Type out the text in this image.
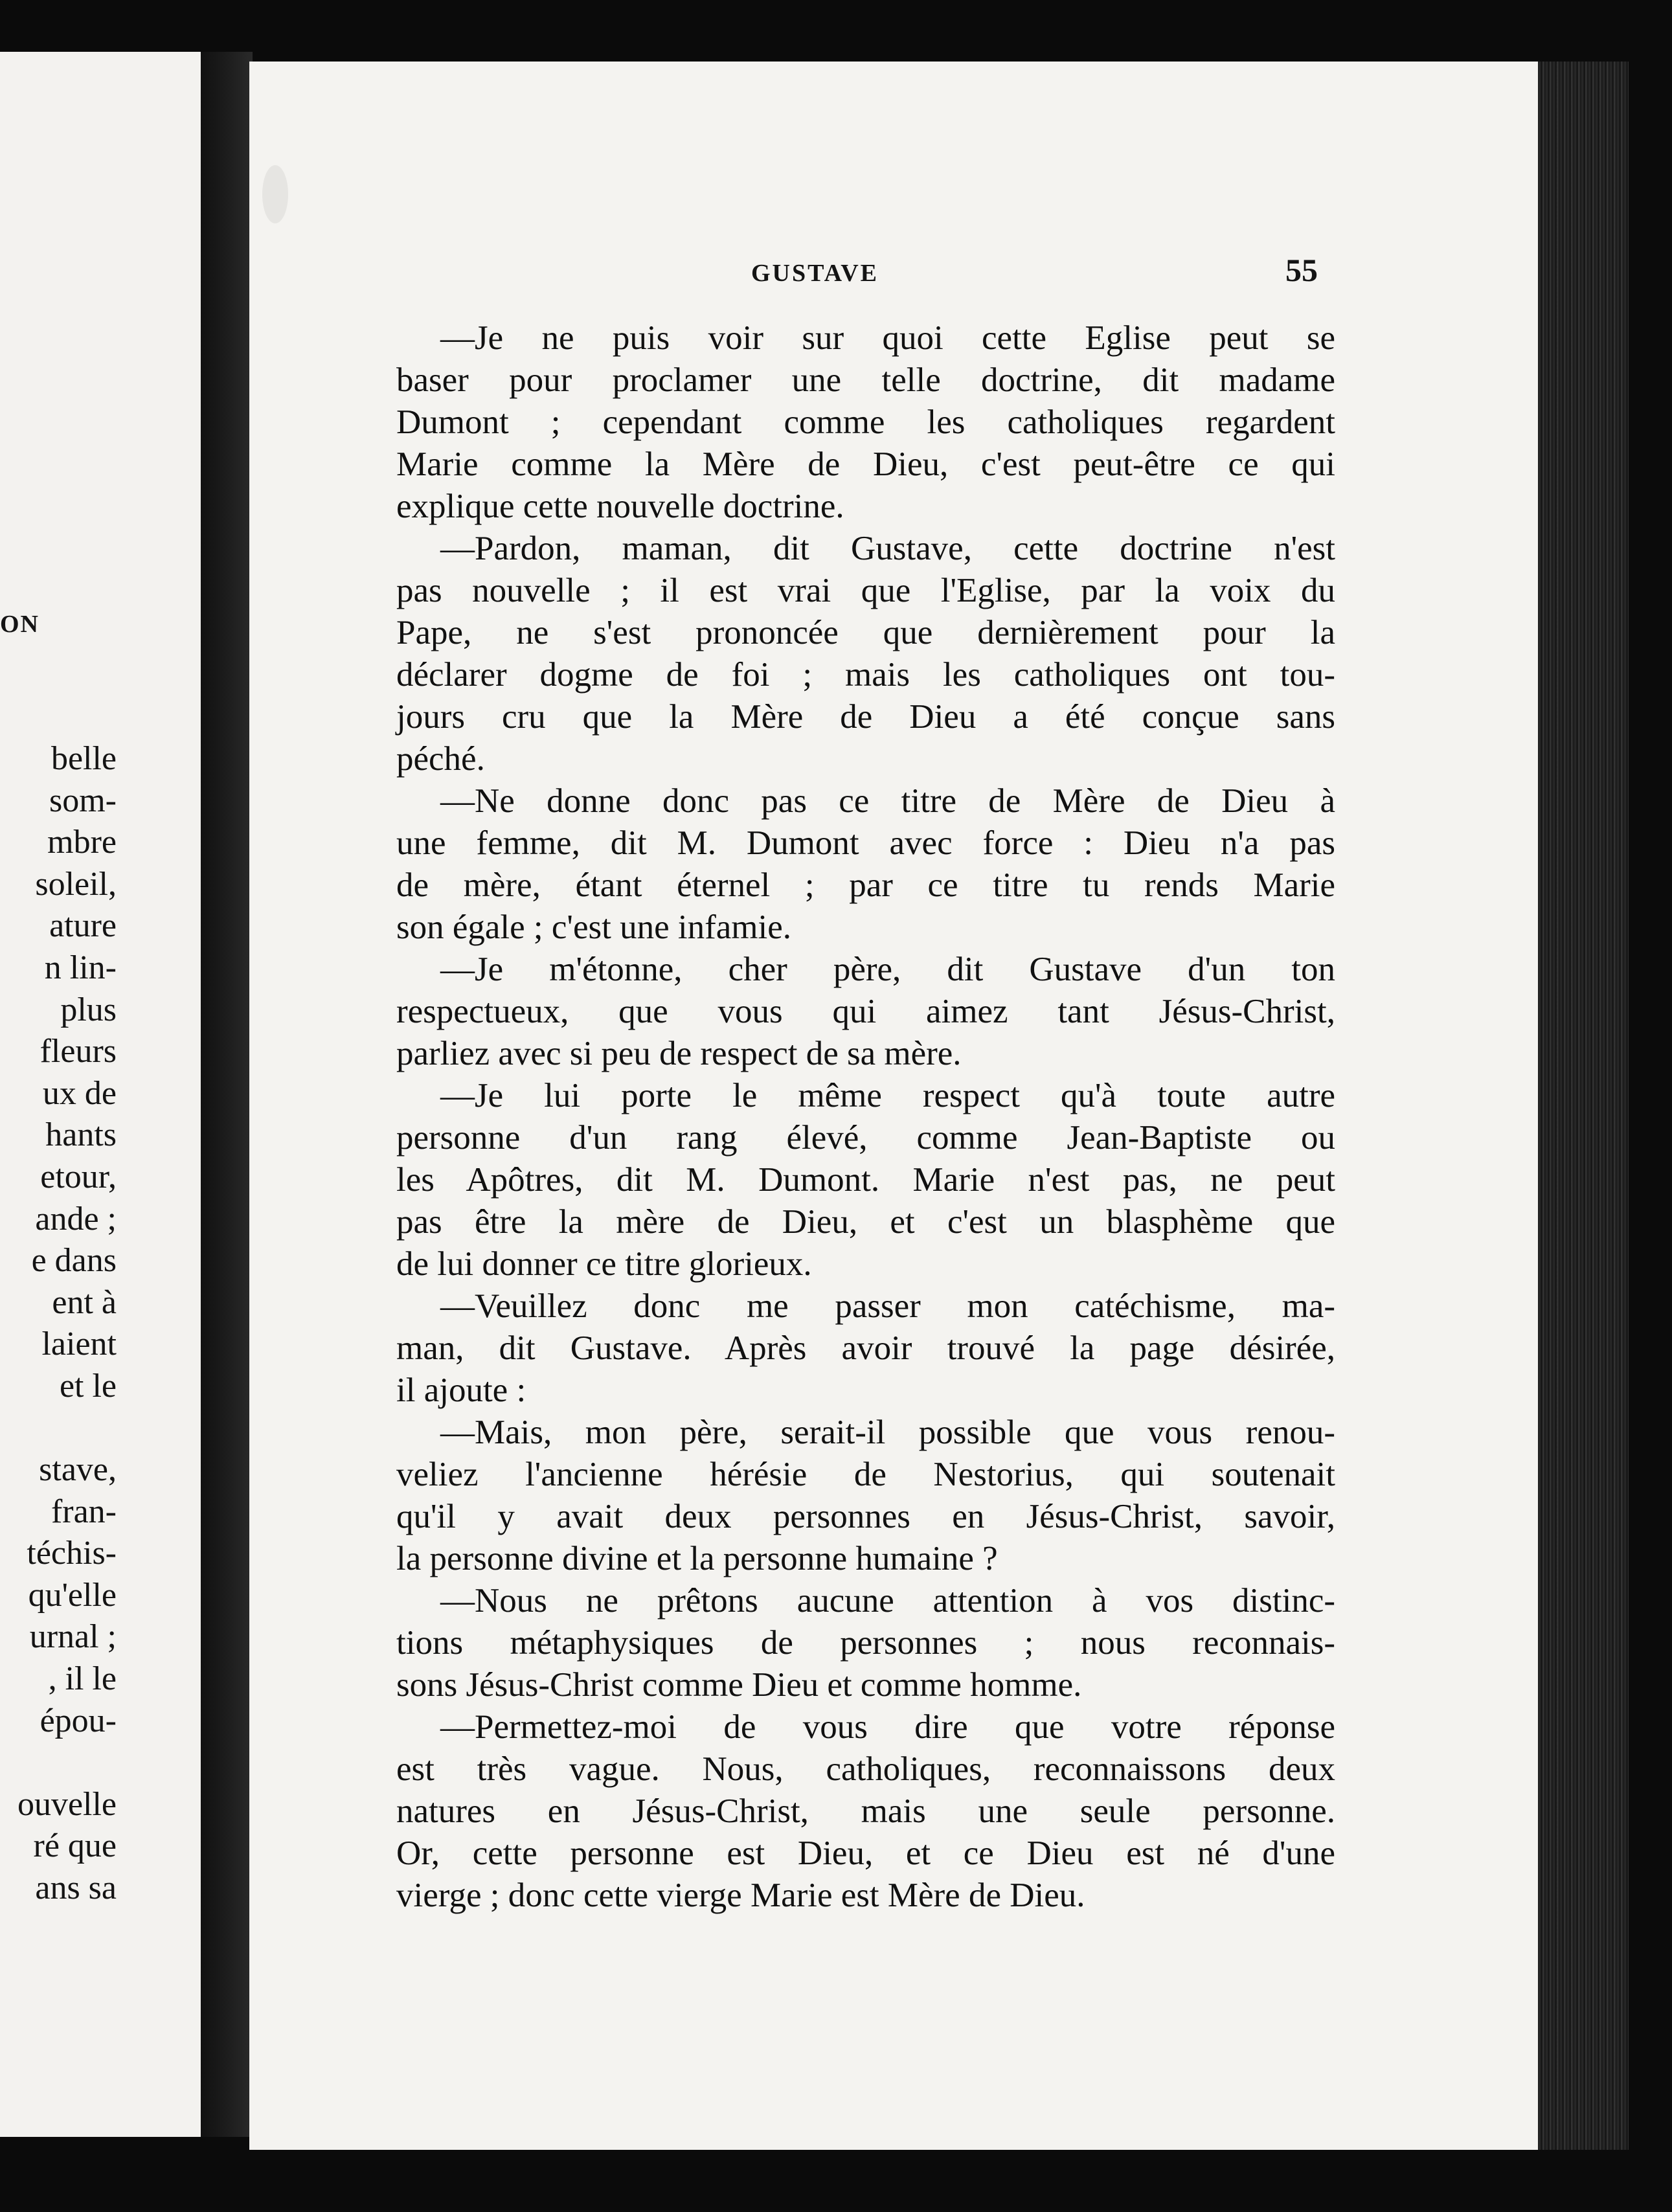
ON
belle
som-
mbre
soleil,
ature
n lin-
plus
fleurs
ux de
hants
etour,
ande ;
e dans
ent à
laient
et le
stave,
fran-
téchis-
qu'elle
urnal ;
, il le
épou-
ouvelle
ré que
ans sa
GUSTAVE	55
—Je ne puis voir sur quoi cette Eglise peut se
baser pour proclamer une telle doctrine, dit madame
Dumont ; cependant comme les catholiques regardent
Marie comme la Mère de Dieu, c'est peut-être ce qui
explique cette nouvelle doctrine.
—Pardon, maman, dit Gustave, cette doctrine n'est
pas nouvelle ; il est vrai que l'Eglise, par la voix du
Pape, ne s'est prononcée que dernièrement pour la
déclarer dogme de foi ; mais les catholiques ont tou-
jours cru que la Mère de Dieu a été conçue sans
péché.
—Ne donne donc pas ce titre de Mère de Dieu à
une femme, dit M. Dumont avec force : Dieu n'a pas
de mère, étant éternel ; par ce titre tu rends Marie
son égale ; c'est une infamie.
—Je m'étonne, cher père, dit Gustave d'un ton
respectueux, que vous qui aimez tant Jésus-Christ,
parliez avec si peu de respect de sa mère.
—Je lui porte le même respect qu'à toute autre
personne d'un rang élevé, comme Jean-Baptiste ou
les Apôtres, dit M. Dumont. Marie n'est pas, ne peut
pas être la mère de Dieu, et c'est un blasphème que
de lui donner ce titre glorieux.
—Veuillez donc me passer mon catéchisme, ma-
man, dit Gustave. Après avoir trouvé la page désirée,
il ajoute :
—Mais, mon père, serait-il possible que vous renou-
veliez l'ancienne hérésie de Nestorius, qui soutenait
qu'il y avait deux personnes en Jésus-Christ, savoir,
la personne divine et la personne humaine ?
—Nous ne prêtons aucune attention à vos distinc-
tions métaphysiques de personnes ; nous reconnais-
sons Jésus-Christ comme Dieu et comme homme.
—Permettez-moi de vous dire que votre réponse
est très vague. Nous, catholiques, reconnaissons deux
natures en Jésus-Christ, mais une seule personne.
Or, cette personne est Dieu, et ce Dieu est né d'une
vierge ; donc cette vierge Marie est Mère de Dieu.
